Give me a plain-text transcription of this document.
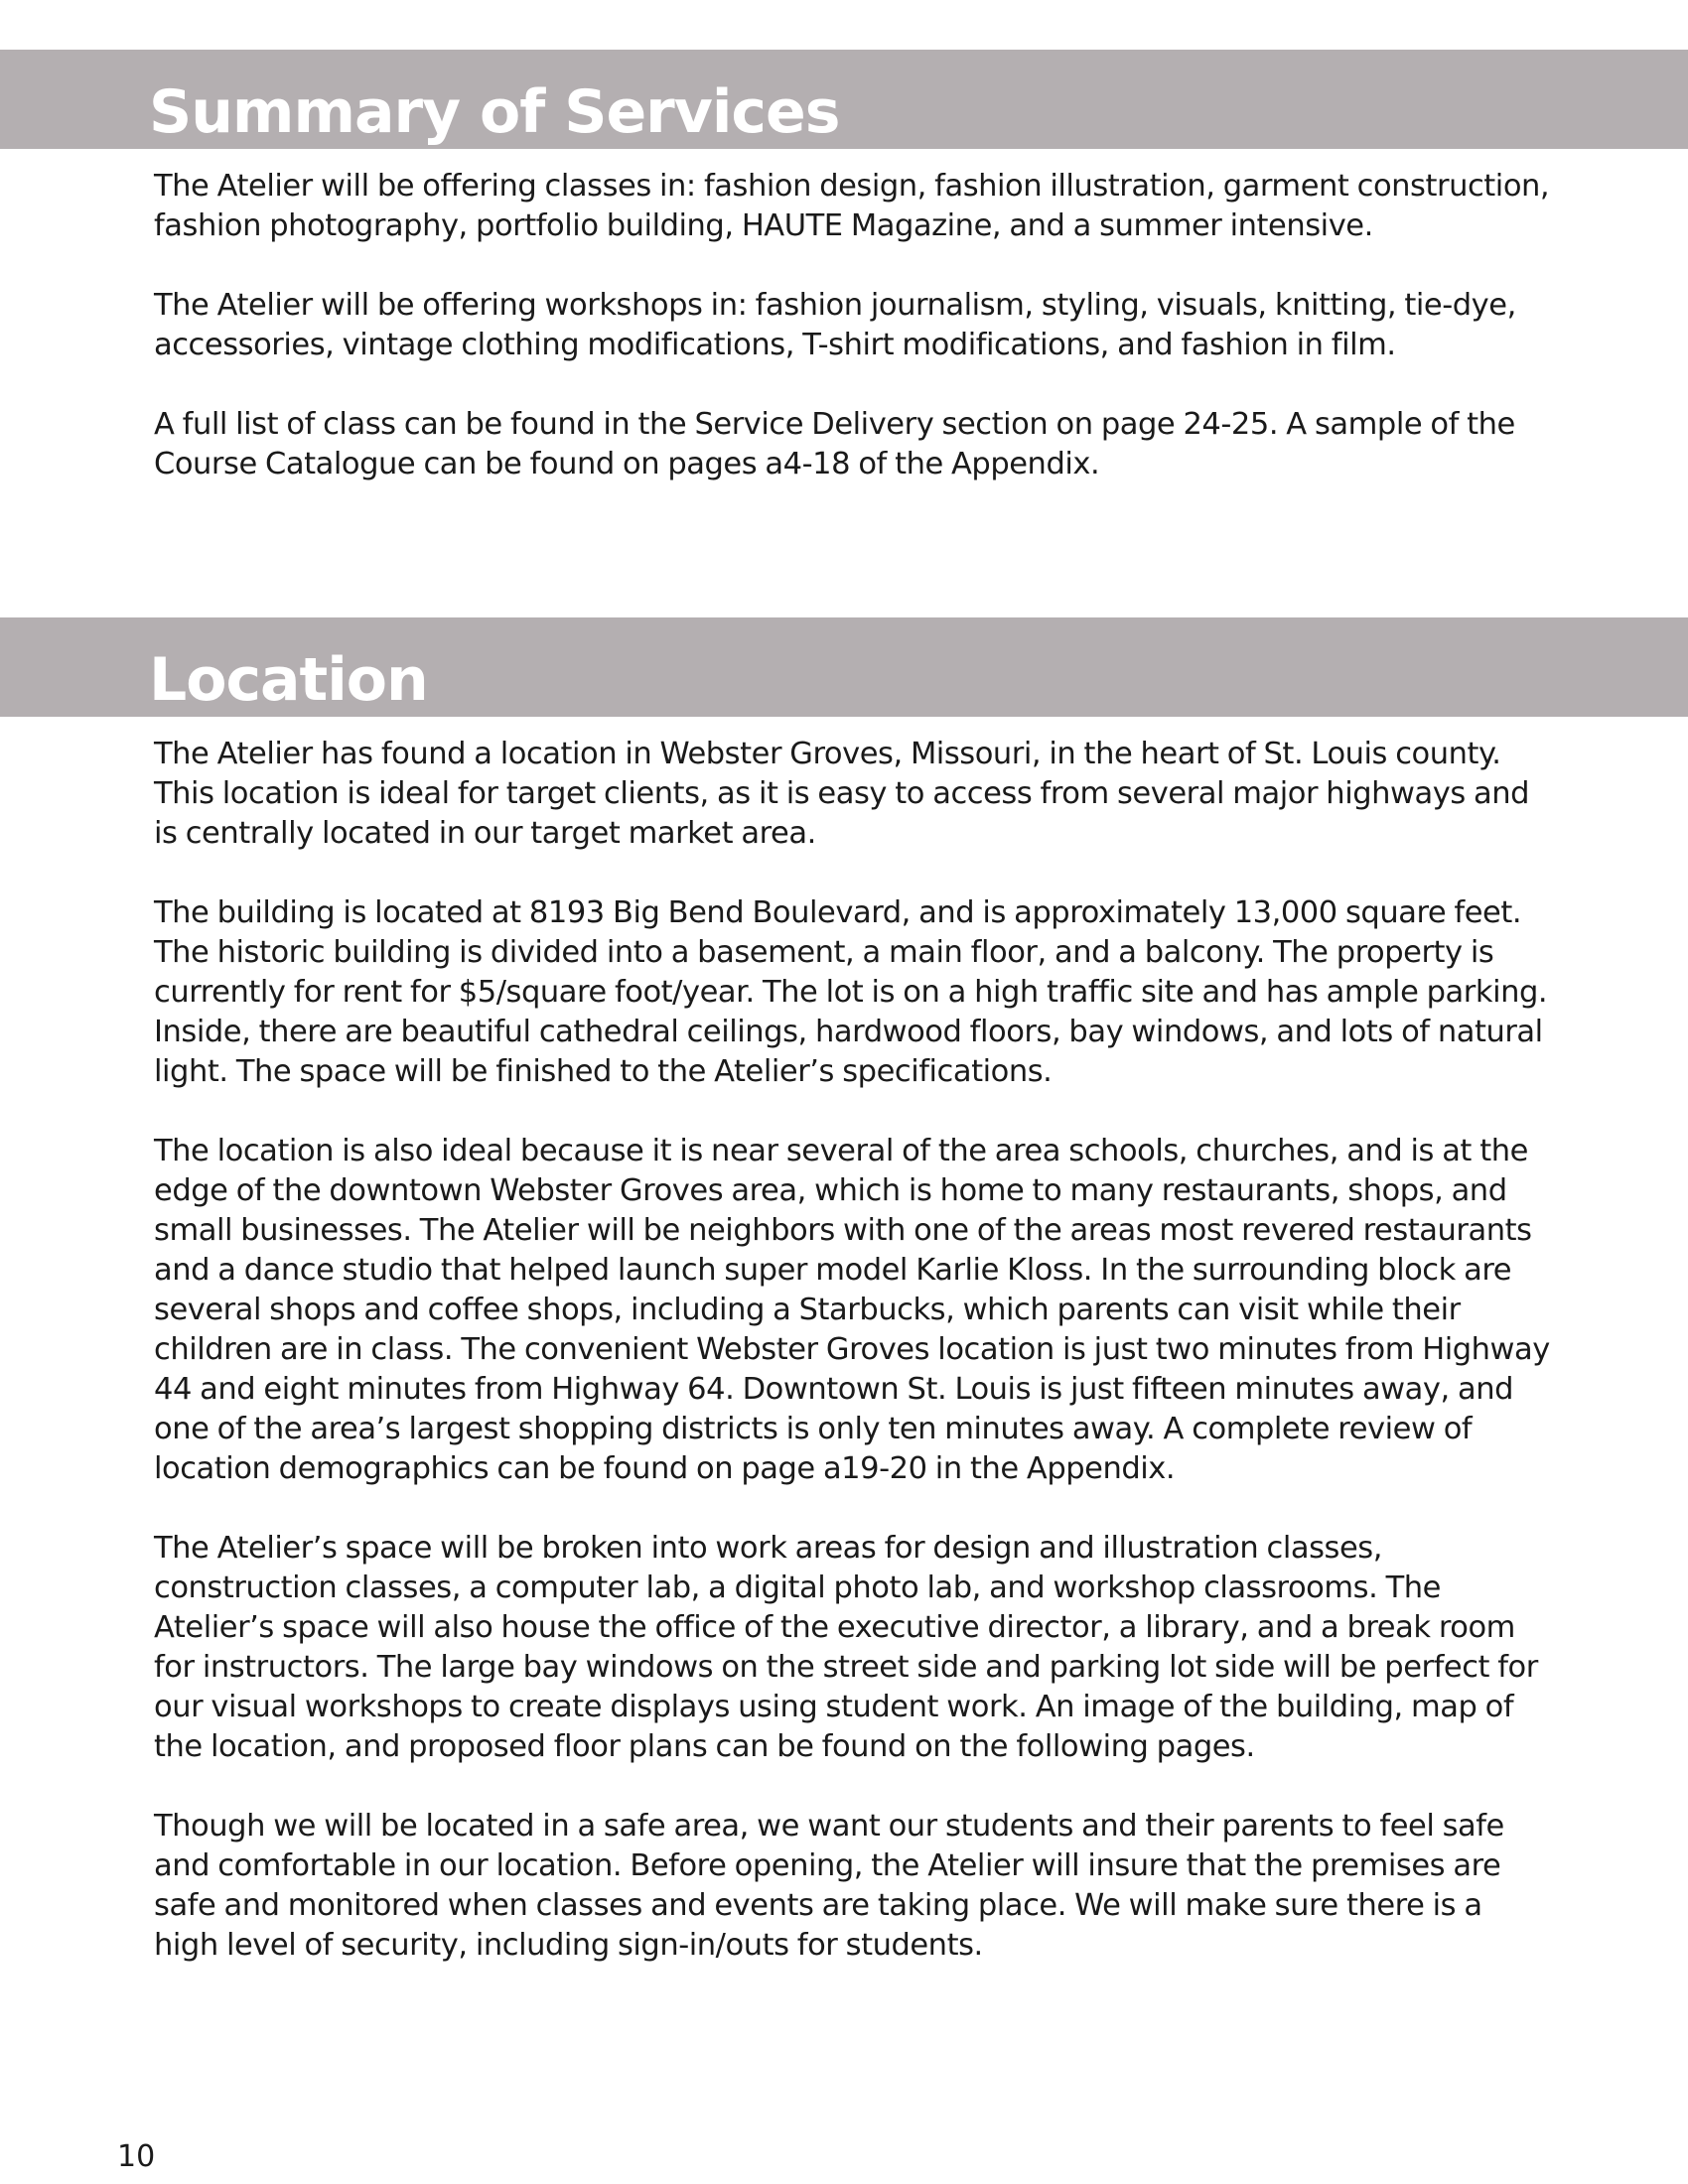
Summary of Services

The Atelier will be offering classes in: fashion design, fashion illustration, garment construction, fashion photography, portfolio building, HAUTE Magazine, and a summer intensive.

The Atelier will be offering workshops in: fashion journalism, styling, visuals, knitting, tie-dye, accessories, vintage clothing modifications, T-shirt modifications, and fashion in film.

A full list of class can be found in the Service Delivery section on page 24-25. A sample of the Course Catalogue can be found on pages a4-18 of the Appendix.

Location

The Atelier has found a location in Webster Groves, Missouri, in the heart of St. Louis county. This location is ideal for target clients, as it is easy to access from several major highways and is centrally located in our target market area.

The building is located at 8193 Big Bend Boulevard, and is approximately 13,000 square feet. The historic building is divided into a basement, a main floor, and a balcony. The property is currently for rent for $5/square foot/year. The lot is on a high traffic site and has ample parking. Inside, there are beautiful cathedral ceilings, hardwood floors, bay windows, and lots of natural light. The space will be finished to the Atelier’s specifications.

The location is also ideal because it is near several of the area schools, churches, and is at the edge of the downtown Webster Groves area, which is home to many restaurants, shops, and small businesses. The Atelier will be neighbors with one of the areas most revered restaurants and a dance studio that helped launch super model Karlie Kloss. In the surrounding block are several shops and coffee shops, including a Starbucks, which parents can visit while their children are in class. The convenient Webster Groves location is just two minutes from Highway 44 and eight minutes from Highway 64. Downtown St. Louis is just fifteen minutes away, and one of the area’s largest shopping districts is only ten minutes away. A complete review of location demographics can be found on page a19-20 in the Appendix.

The Atelier’s space will be broken into work areas for design and illustration classes, construction classes, a computer lab, a digital photo lab, and workshop classrooms. The Atelier’s space will also house the office of the executive director, a library, and a break room for instructors. The large bay windows on the street side and parking lot side will be perfect for our visual workshops to create displays using student work. An image of the building, map of the location, and proposed floor plans can be found on the following pages.

Though we will be located in a safe area, we want our students and their parents to feel safe and comfortable in our location. Before opening, the Atelier will insure that the premises are safe and monitored when classes and events are taking place. We will make sure there is a high level of security, including sign-in/outs for students.

10
